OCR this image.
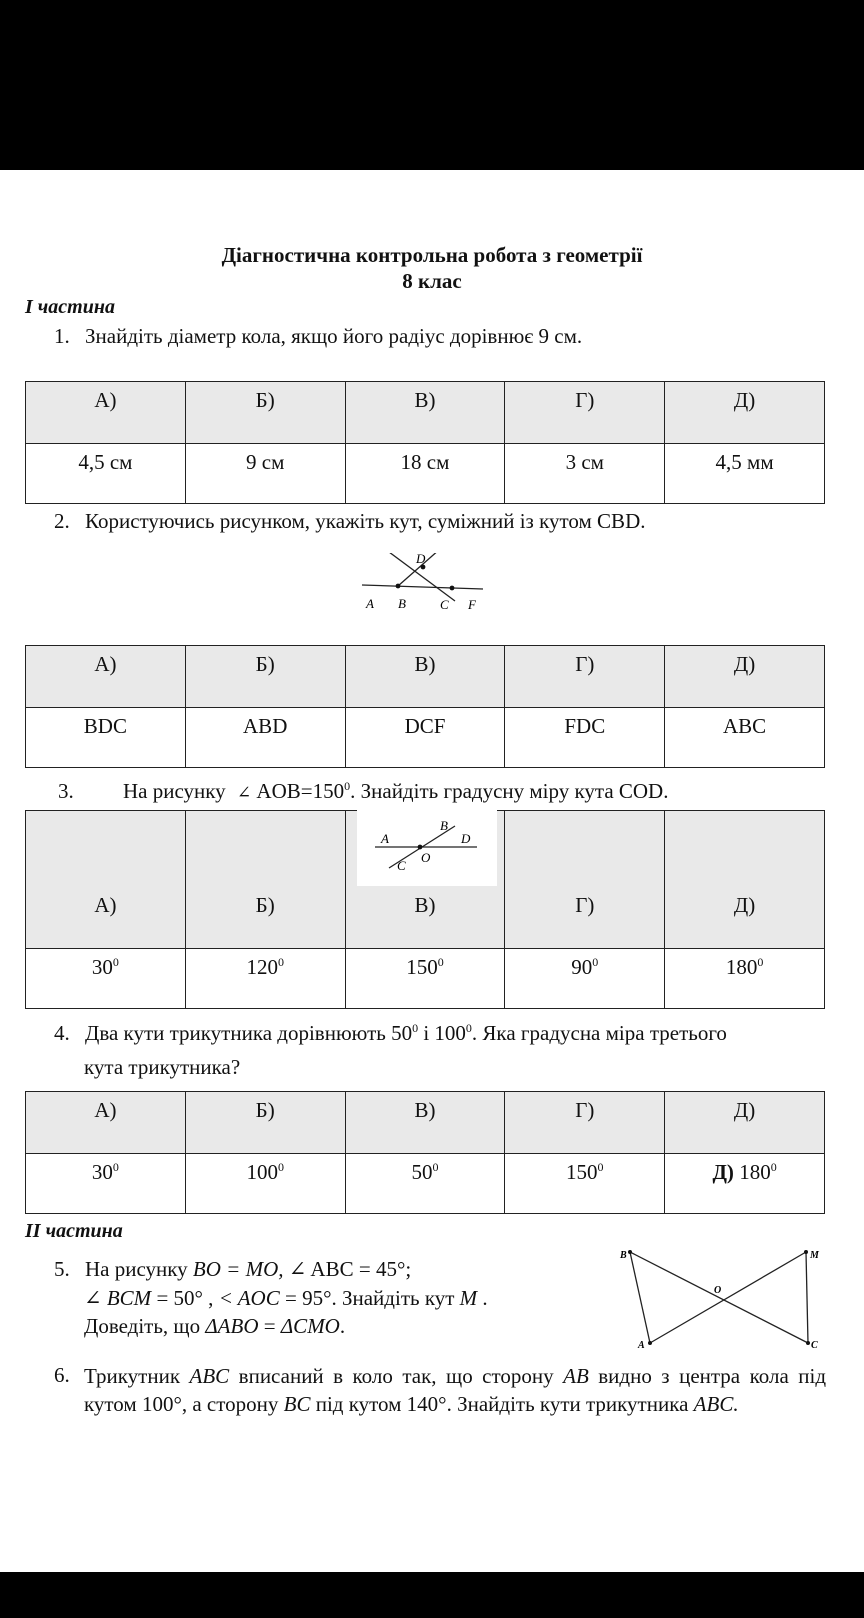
Діагностична контрольна робота з геометрії
8 клас
І частина
1. Знайдіть діаметр кола, якщо його радіус дорівнює 9 см.
А)	Б)	В)	Г)	Д)
4,5 см	9 см	18 см	3 см	4,5 мм
2. Користуючись рисунком, укажіть кут, суміжний із кутом CBD.
D
A B	C F
А)	Б)	В)	Г)	Д)
BDC	ABD	DCF	FDC	ABC
3. На рисунку ∠ $AOB=150^0$. Знайдіть градусну міру кута COD.
А)	Б)	В)	Г)	Д)
$30^0$	$120^0$	$150^0$	$90^0$	$180^0$
B
A	D
O
C
4. Два кути трикутника дорівнюють $50^0$ і $100^0$. Яка градусна міра третього
кута трикутника?
А)	Б)	В)	Г)	Д)
$30^0$	$100^0$	$50^0$	$150^0$	Д) $180^0$
ІІ частина
5. На рисунку BO = MO, ∠ ABC = 45°;
∠ BCM = 50° , < AOC = 95°. Знайдіть кут M .
Доведіть, що ΔABO = ΔCMO.
B	M
O
A	C
6. Трикутник ABC вписаний в коло так, що сторону AB видно з центра кола під кутом 100°, а сторону BC під кутом 140°. Знайдіть кути трикутника ABC.
